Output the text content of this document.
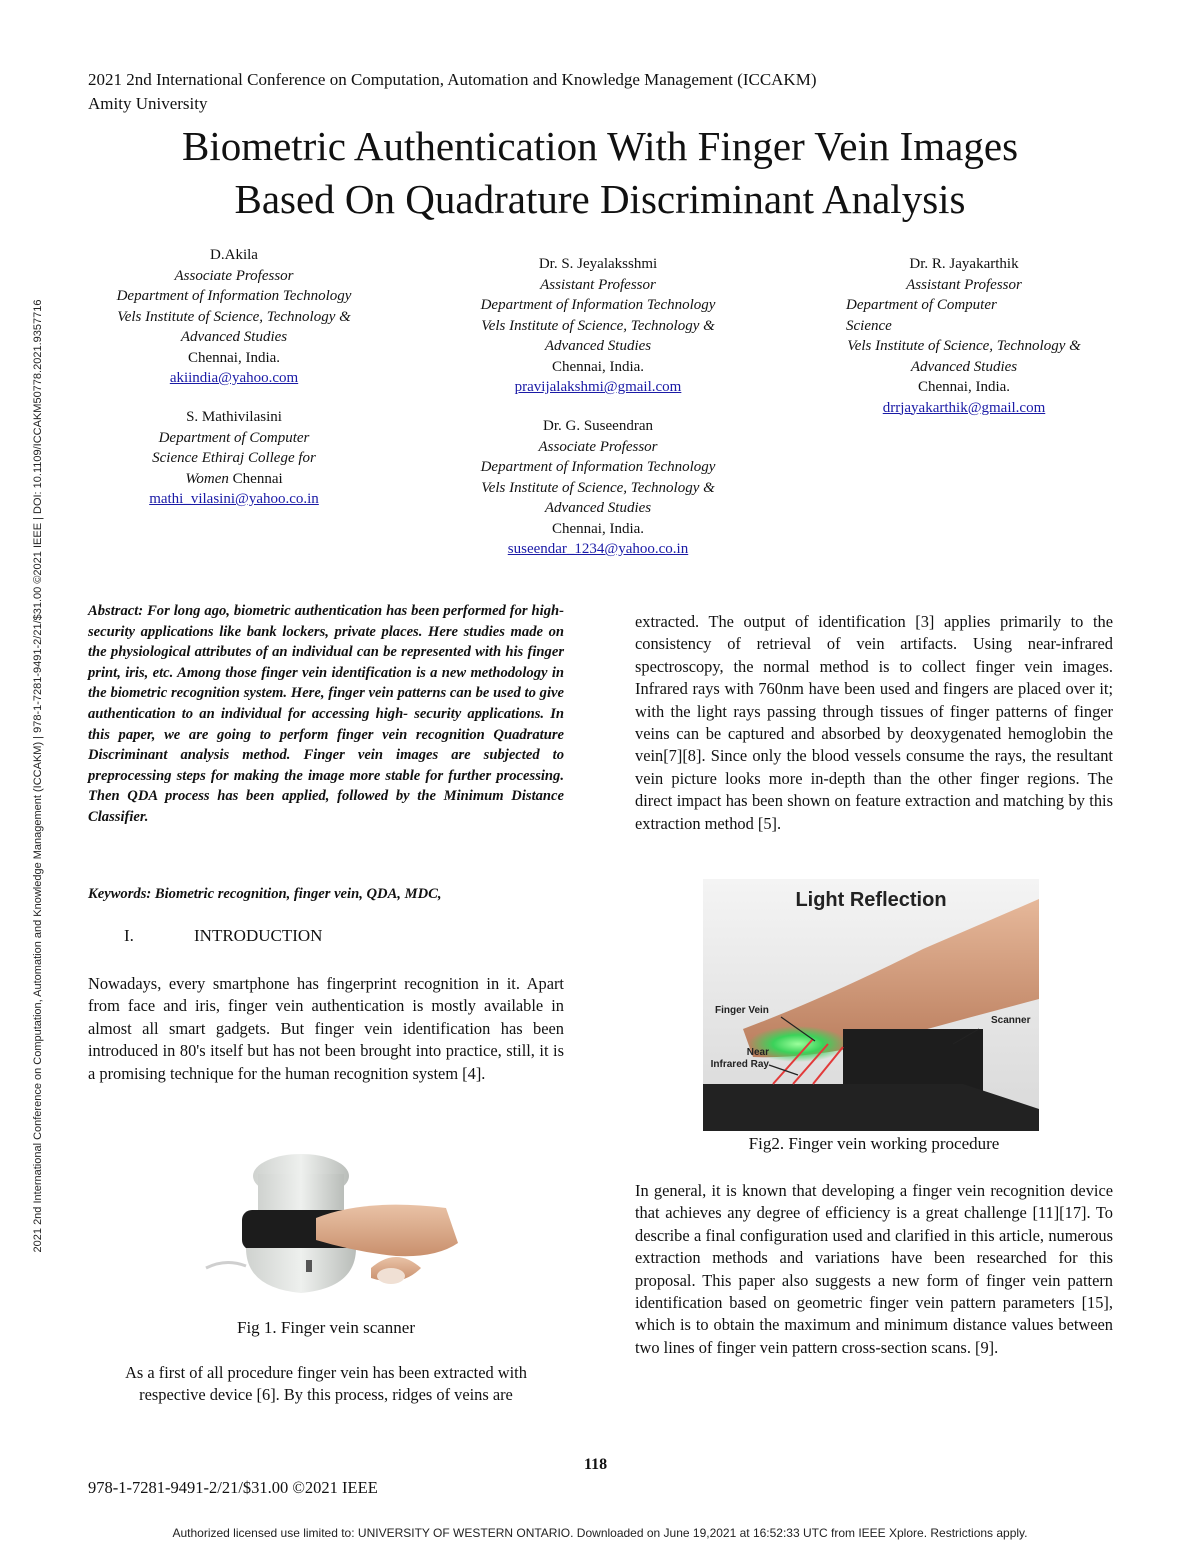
2021 2nd International Conference on Computation, Automation and Knowledge Management (ICCAKM) | 978-1-7281-9491-2/21/$31.00 ©2021 IEEE | DOI: 10.1109/ICCAKM50778.2021.9357716
2021 2nd International Conference on Computation, Automation and Knowledge Management (ICCAKM)
Amity University
Biometric Authentication With Finger Vein Images
Based On Quadrature Discriminant Analysis
D.Akila
Associate Professor
Department of Information Technology
Vels Institute of Science, Technology &
Advanced Studies
Chennai, India.
akiindia@yahoo.com
S. Mathivilasini
Department of Computer
Science Ethiraj College for
Women Chennai
mathi_vilasini@yahoo.co.in
Dr. S. Jeyalaksshmi
Assistant Professor
Department of Information Technology
Vels Institute of Science, Technology &
Advanced Studies
Chennai, India.
pravijalakshmi@gmail.com
Dr. G. Suseendran
Associate Professor
Department of Information Technology
Vels Institute of Science, Technology &
Advanced Studies
Chennai, India.
suseendar_1234@yahoo.co.in
Dr. R. Jayakarthik
Assistant Professor
Department of Computer
Science
Vels Institute of Science, Technology &
Advanced Studies
Chennai, India.
drrjayakarthik@gmail.com
Abstract: For long ago, biometric authentication has been performed for high-security applications like bank lockers, private places. Here studies made on the physiological attributes of an individual can be represented with his finger print, iris, etc. Among those finger vein identification is a new methodology in the biometric recognition system. Here, finger vein patterns can be used to give authentication to an individual for accessing high- security applications. In this paper, we are going to perform finger vein recognition Quadrature Discriminant analysis method. Finger vein images are subjected to preprocessing steps for making the image more stable for further processing. Then QDA process has been applied, followed by the Minimum Distance Classifier.
Keywords: Biometric recognition, finger vein, QDA, MDC,
I.	INTRODUCTION
Nowadays, every smartphone has fingerprint recognition in it. Apart from face and iris, finger vein authentication is mostly available in almost all smart gadgets. But finger vein identification has been introduced in 80's itself but has not been brought into practice, still, it is a promising technique for the human recognition system [4].
Fig 1. Finger vein scanner
As a first of all procedure finger vein has been extracted with respective device [6]. By this process, ridges of veins are
extracted. The output of identification [3] applies primarily to the consistency of retrieval of vein artifacts. Using near-infrared spectroscopy, the normal method is to collect finger vein images. Infrared rays with 760nm have been used and fingers are placed over it; with the light rays passing through tissues of finger patterns of finger veins can be captured and absorbed by deoxygenated hemoglobin the vein[7][8]. Since only the blood vessels consume the rays, the resultant vein picture looks more in-depth than the other finger regions. The direct impact has been shown on feature extraction and matching by this extraction method [5].
Light Reflection
Finger Vein
Scanner
Near
Infrared Ray
Fig2. Finger vein working procedure
In general, it is known that developing a finger vein recognition device that achieves any degree of efficiency is a great challenge [11][17]. To describe a final configuration used and clarified in this article, numerous extraction methods and variations have been researched for this proposal. This paper also suggests a new form of finger vein pattern identification based on geometric finger vein pattern parameters [15], which is to obtain the maximum and minimum distance values between two lines of finger vein pattern cross-section scans. [9].
118
978-1-7281-9491-2/21/$31.00 ©2021 IEEE
Authorized licensed use limited to: UNIVERSITY OF WESTERN ONTARIO. Downloaded on June 19,2021 at 16:52:33 UTC from IEEE Xplore. Restrictions apply.
